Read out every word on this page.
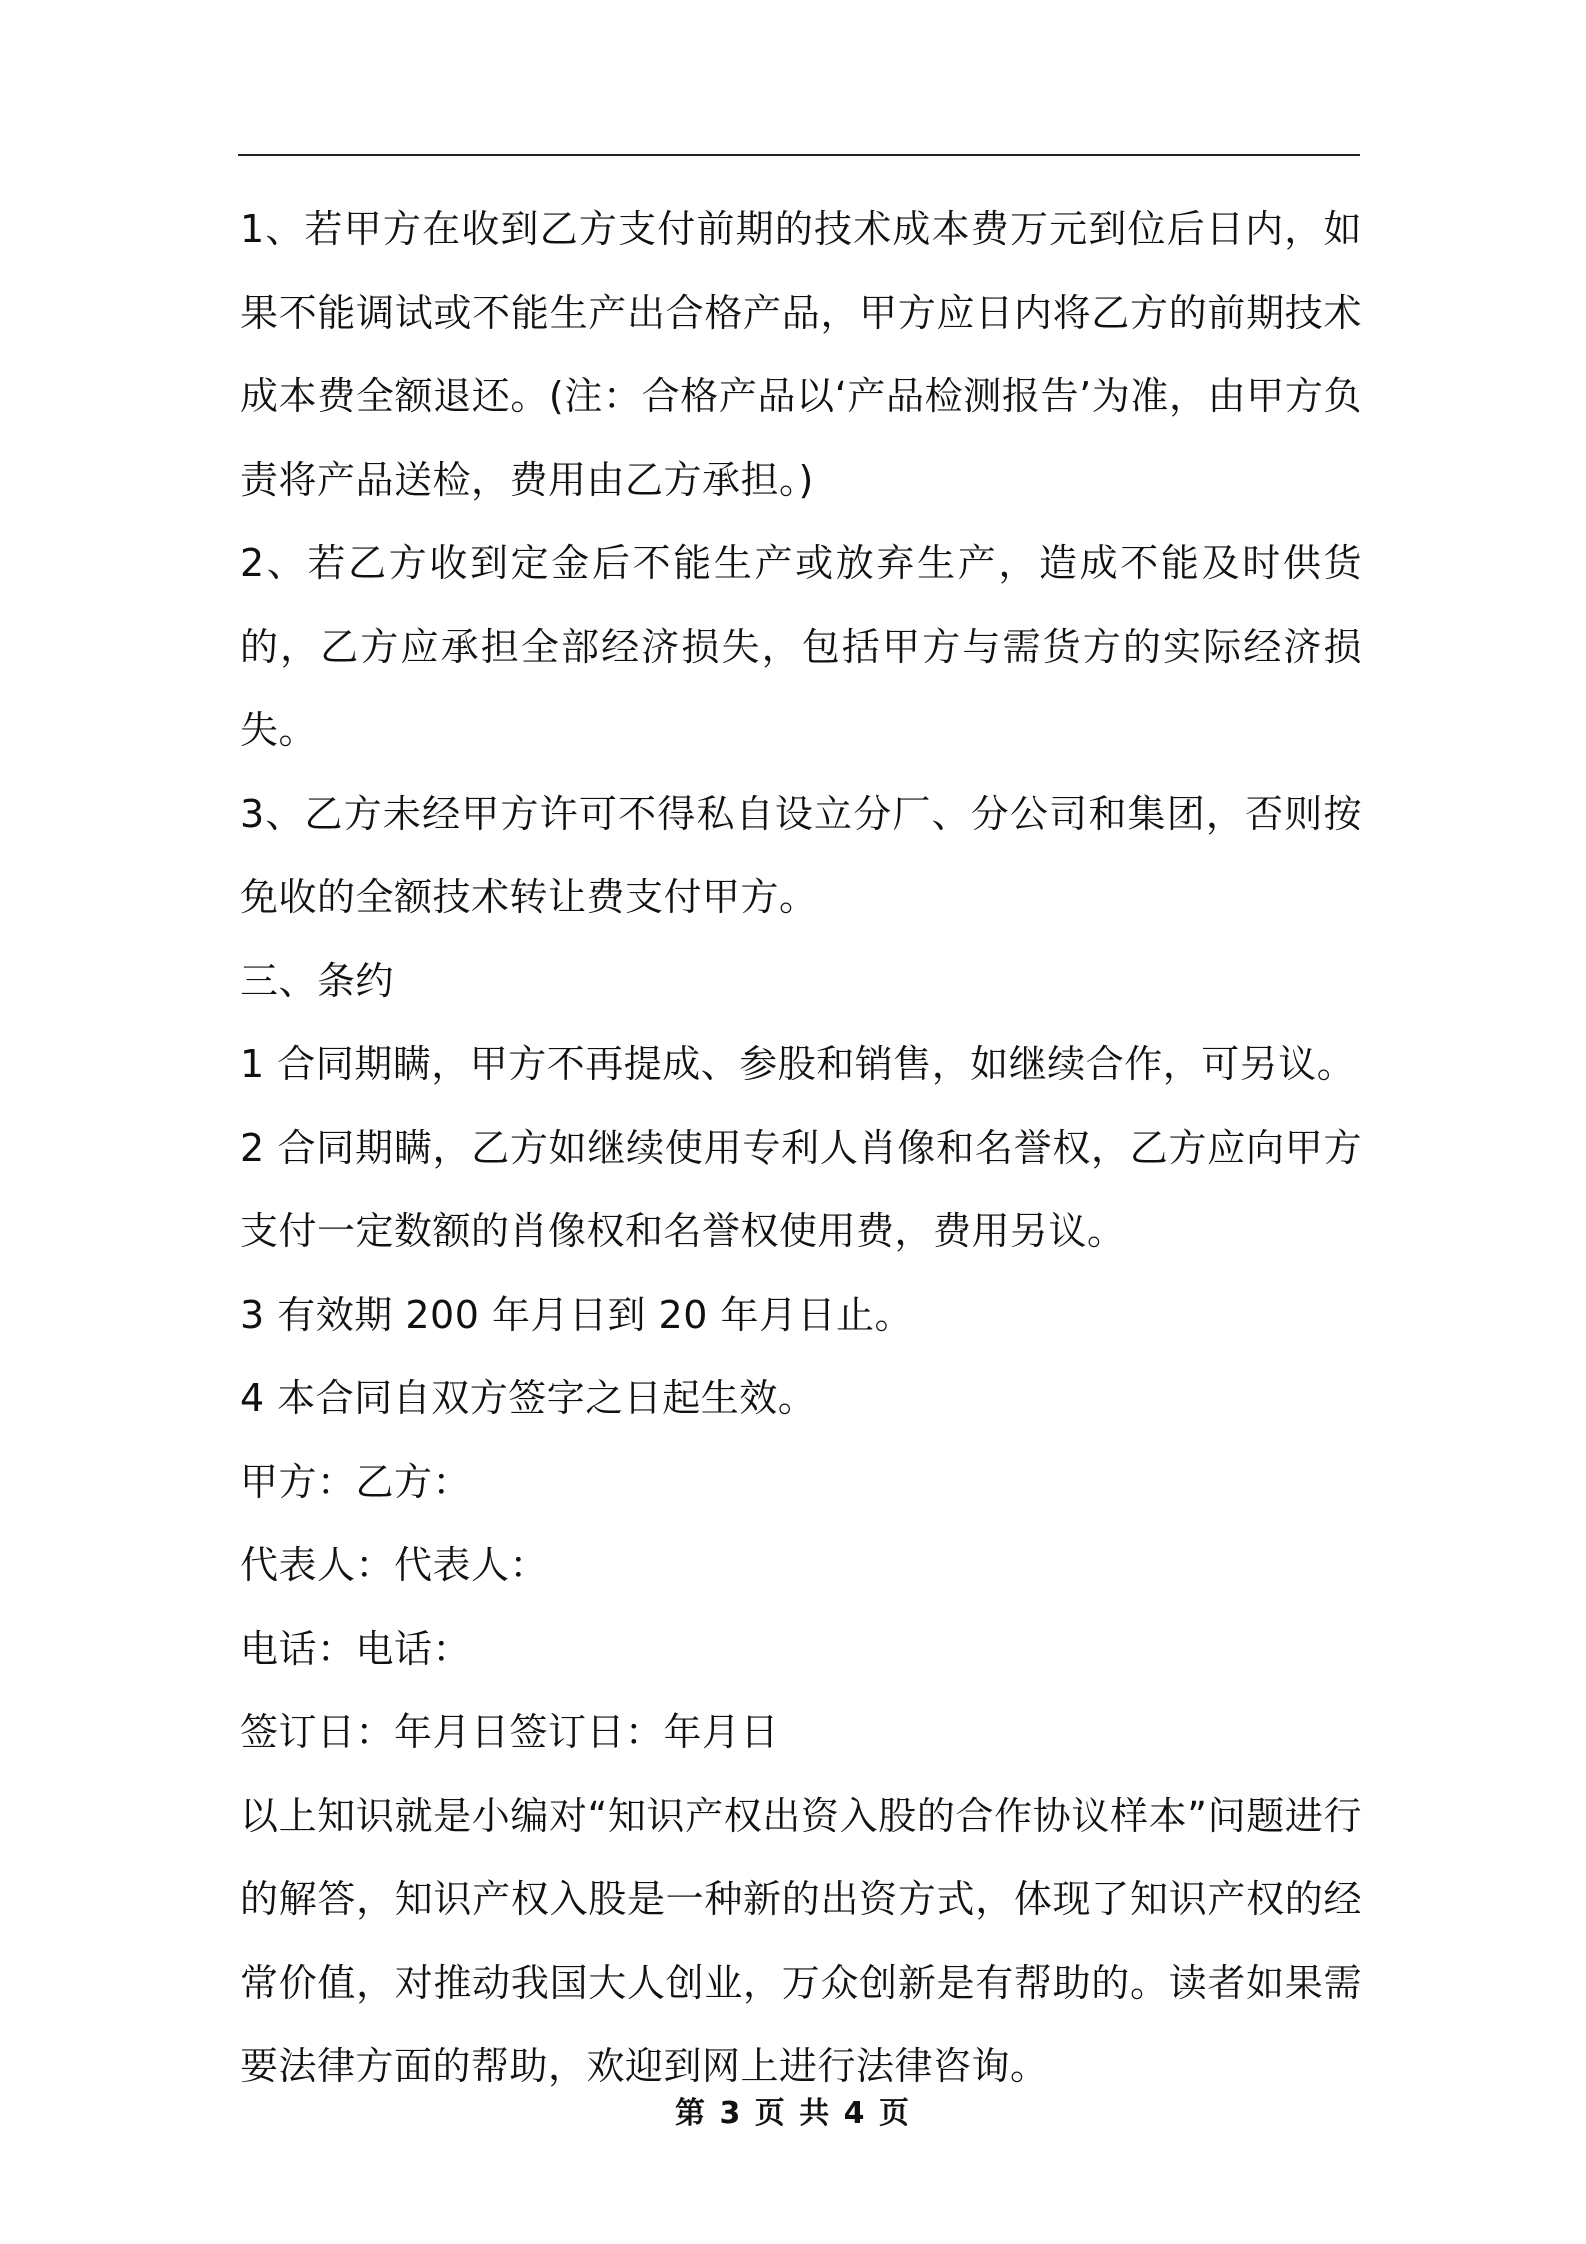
1、若甲方在收到乙方支付前期的技术成本费万元到位后日内，如果不能调试或不能生产出合格产品，甲方应日内将乙方的前期技术成本费全额退还。(注：合格产品以‘产品检测报告’为准，由甲方负责将产品送检，费用由乙方承担。)

2、若乙方收到定金后不能生产或放弃生产，造成不能及时供货的，乙方应承担全部经济损失，包括甲方与需货方的实际经济损失。

3、乙方未经甲方许可不得私自设立分厂、分公司和集团，否则按免收的全额技术转让费支付甲方。

三、条约

1 合同期瞒，甲方不再提成、参股和销售，如继续合作，可另议。

2 合同期瞒，乙方如继续使用专利人肖像和名誉权，乙方应向甲方支付一定数额的肖像权和名誉权使用费，费用另议。

3 有效期 200 年月日到 20 年月日止。

4 本合同自双方签字之日起生效。

甲方：乙方：

代表人：代表人：

电话：电话：

签订日：年月日签订日：年月日

以上知识就是小编对“知识产权出资入股的合作协议样本”问题进行的解答，知识产权入股是一种新的出资方式，体现了知识产权的经常价值，对推动我国大人创业，万众创新是有帮助的。读者如果需要法律方面的帮助，欢迎到网上进行法律咨询。

第 3 页 共 4 页
